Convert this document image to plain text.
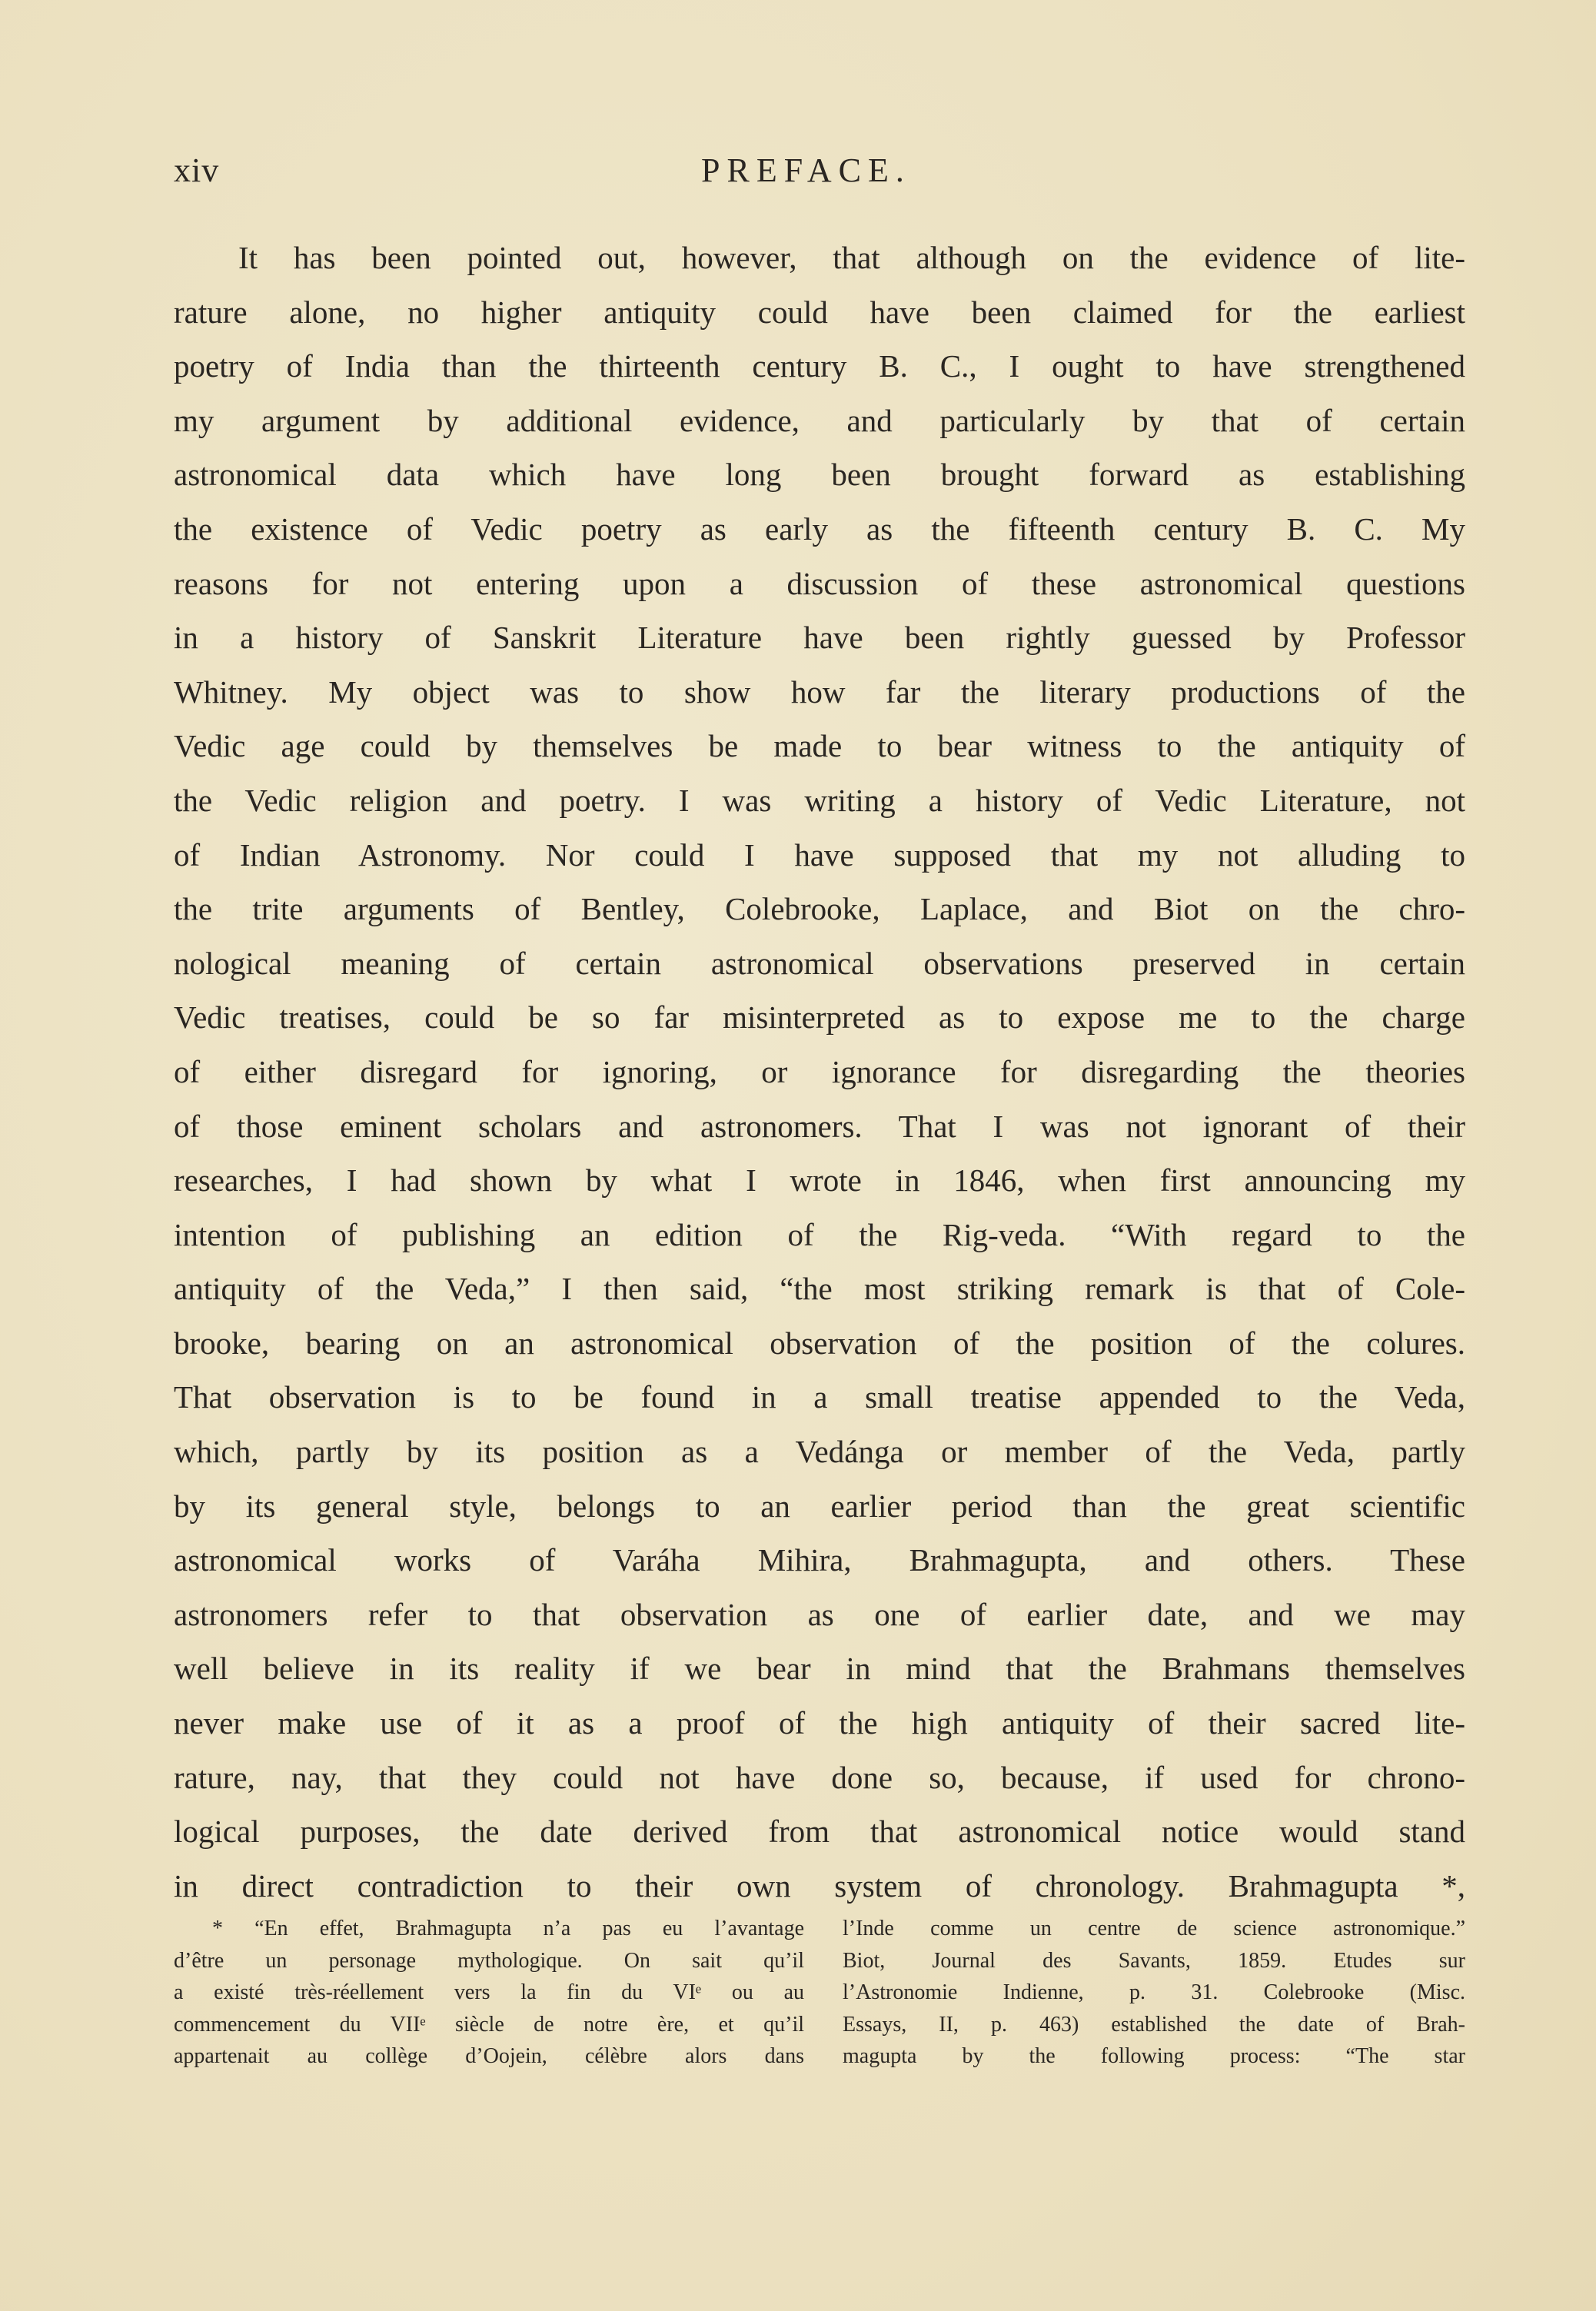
xiv	PREFACE.
It has been pointed out, however, that although on the evidence of lite-
rature alone, no higher antiquity could have been claimed for the earliest
poetry of India than the thirteenth century B. C., I ought to have strengthened
my argument by additional evidence, and particularly by that of certain
astronomical data which have long been brought forward as establishing
the existence of Vedic poetry as early as the fifteenth century B. C. My
reasons for not entering upon a discussion of these astronomical questions
in a history of Sanskrit Literature have been rightly guessed by Professor
Whitney. My object was to show how far the literary productions of the
Vedic age could by themselves be made to bear witness to the antiquity of
the Vedic religion and poetry. I was writing a history of Vedic Literature, not
of Indian Astronomy. Nor could I have supposed that my not alluding to
the trite arguments of Bentley, Colebrooke, Laplace, and Biot on the chro-
nological meaning of certain astronomical observations preserved in certain
Vedic treatises, could be so far misinterpreted as to expose me to the charge
of either disregard for ignoring, or ignorance for disregarding the theories
of those eminent scholars and astronomers. That I was not ignorant of their
researches, I had shown by what I wrote in 1846, when first announcing my
intention of publishing an edition of the Rig-veda. “With regard to the
antiquity of the Veda,” I then said, “the most striking remark is that of Cole-
brooke, bearing on an astronomical observation of the position of the colures.
That observation is to be found in a small treatise appended to the Veda,
which, partly by its position as a Vedánga or member of the Veda, partly
by its general style, belongs to an earlier period than the great scientific
astronomical works of Varáha Mihira, Brahmagupta, and others. These
astronomers refer to that observation as one of earlier date, and we may
well believe in its reality if we bear in mind that the Brahmans themselves
never make use of it as a proof of the high antiquity of their sacred lite-
rature, nay, that they could not have done so, because, if used for chrono-
logical purposes, the date derived from that astronomical notice would stand
in direct contradiction to their own system of chronology. Brahmagupta *,
* “En effet, Brahmagupta n’a pas eu l’avantage
d’être un personage mythologique. On sait qu’il
a existé très-réellement vers la fin du VIᵉ ou au
commencement du VIIᵉ siècle de notre ère, et qu’il
appartenait au collège d’Oojein, célèbre alors dans
l’Inde comme un centre de science astronomique.”
Biot, Journal des Savants, 1859. Etudes sur
l’Astronomie Indienne, p. 31. Colebrooke (Misc.
Essays, II, p. 463) established the date of Brah-
magupta by the following process: “The star
